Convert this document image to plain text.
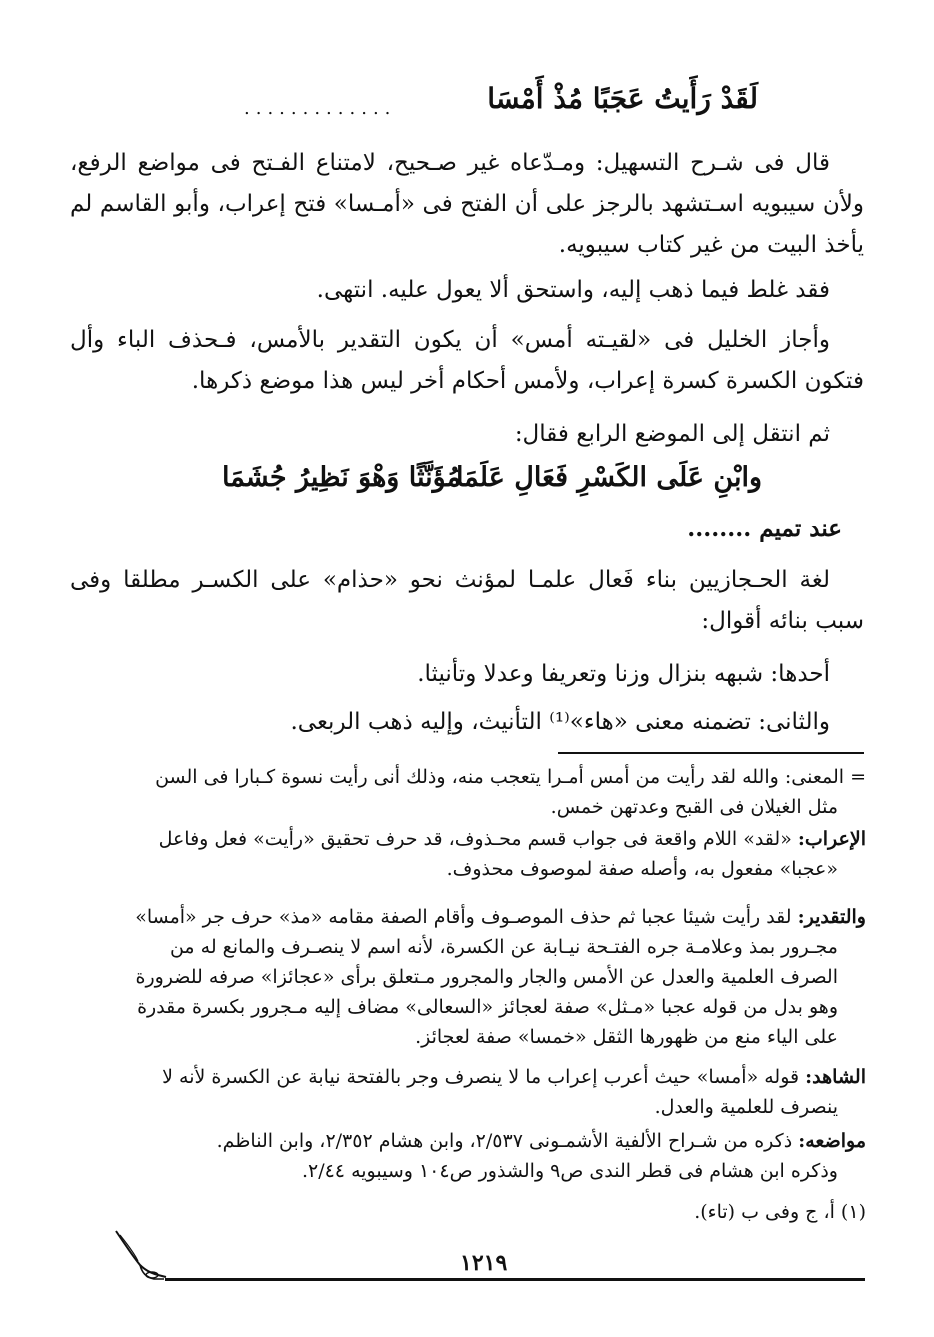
لَقَدْ رَأَيتُ عَجَبًا مُذْ أَمْسَا
.............
قال فى شـرح التسهيل: ومـدّعاه غير صـحيح، لامتناع الفـتح فى مواضع الرفع، ولأن سيبويه اسـتشهد بالرجز على أن الفتح فى «أمـسا» فتح إعراب، وأبو القاسم لم يأخذ البيت من غير كتاب سيبويه.
فقد غلط فيما ذهب إليه، واستحق ألا يعول عليه. انتهى.
وأجاز الخليل فى «لقيـته أمس» أن يكون التقدير بالأمس، فـحذف الباء وأل فتكون الكسرة كسرة إعراب، ولأمس أحكام أخر ليس هذا موضع ذكرها.
ثم انتقل إلى الموضع الرابع فقال:
وابْنِ عَلَى الكَسْرِ فَعَالِ عَلَمَا
مُؤَنَّثًا وَهْوَ نَظِيرُ جُشَمَا
عند تميم ........
لغة الحـجازيين بناء فَعال علمـا لمؤنث نحو «حذام» على الكسـر مطلقا وفى سبب بنائه أقوال:
أحدها: شبهه بنزال وزنا وتعريفا وعدلا وتأنيثا.
والثانى: تضمنه معنى «هاء»⁽¹⁾ التأنيث، وإليه ذهب الربعى.
= المعنى: والله لقد رأيت من أمس أمـرا يتعجب منه، وذلك أنى رأيت نسوة كـبارا فى السن
مثل الغيلان فى القبح وعدتهن خمس.
الإعراب: «لقد» اللام واقعة فى جواب قسم محـذوف، قد حرف تحقيق «رأيت» فعل وفاعل
«عجبا» مفعول به، وأصله صفة لموصوف محذوف.
والتقدير: لقد رأيت شيئا عجبا ثم حذف الموصـوف وأقام الصفة مقامه «مذ» حرف جر «أمسا»
مجـرور بمذ وعلامـة جره الفتـحة نيـابة عن الكسرة، لأنه اسم لا ينصـرف والمانع له من
الصرف العلمية والعدل عن الأمس والجار والمجرور مـتعلق برأى «عجائزا» صرفه للضرورة
وهو بدل من قوله عجبا «مـثل» صفة لعجائز «السعالى» مضاف إليه مـجرور بكسرة مقدرة
على الياء منع من ظهورها الثقل «خمسا» صفة لعجائز.
الشاهد: قوله «أمسا» حيث أعرب إعراب ما لا ينصرف وجر بالفتحة نيابة عن الكسرة لأنه لا
ينصرف للعلمية والعدل.
مواضعه: ذكره من شـراح الألفية الأشمـونى ٢/٥٣٧، وابن هشام ٢/٣٥٢، وابن الناظم.
وذكره ابن هشام فى قطر الندى ص٩ والشذور ص١٠٤ وسيبويه ٢/٤٤.
(١) أ، ج وفى ب (تاء).
١٢١٩
